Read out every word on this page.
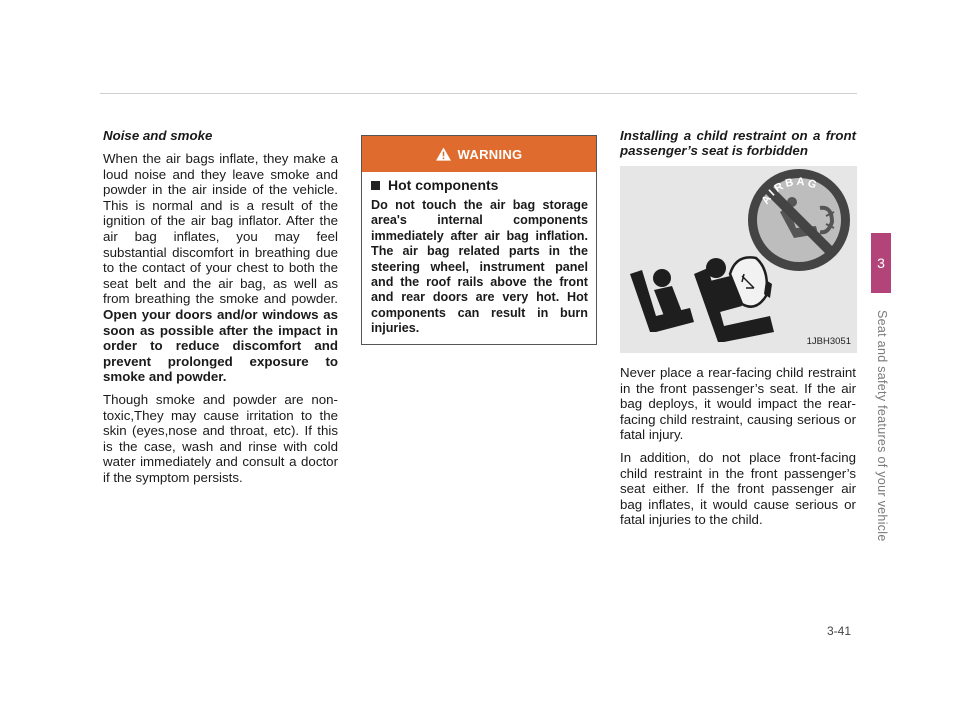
Noise and smoke

When the air bags inflate, they make a loud noise and they leave smoke and powder in the air inside of the vehicle. This is normal and is a result of the ignition of the air bag inflator. After the air bag inflates, you may feel substantial discomfort in breathing due to the contact of your chest to both the seat belt and the air bag, as well as from breathing the smoke and powder. Open your doors and/or windows as soon as possible after the impact in order to reduce discomfort and prevent prolonged exposure to smoke and powder.

Though smoke and powder are non-toxic,They may cause irritation to the skin (eyes,nose and throat, etc). If this is the case, wash and rinse with cold water immediately and consult a doctor if the symptom persists.

WARNING
Hot components

Do not touch the air bag storage area's internal components immediately after air bag inflation. The air bag related parts in the steering wheel, instrument panel and the roof rails above the front and rear doors are very hot. Hot components can result in burn injuries.

Installing a child restraint on a front passenger’s seat is forbidden
AIRBAG
1JBH3051

Never place a rear-facing child restraint in the front passenger’s seat. If the air bag deploys, it would impact the rear-facing child restraint, causing serious or fatal injury.

In addition, do not place front-facing child restraint in the front passenger’s seat either. If the front passenger air bag inflates, it would cause serious or fatal injuries to the child.

3
Seat and safety features of your vehicle
3-41
